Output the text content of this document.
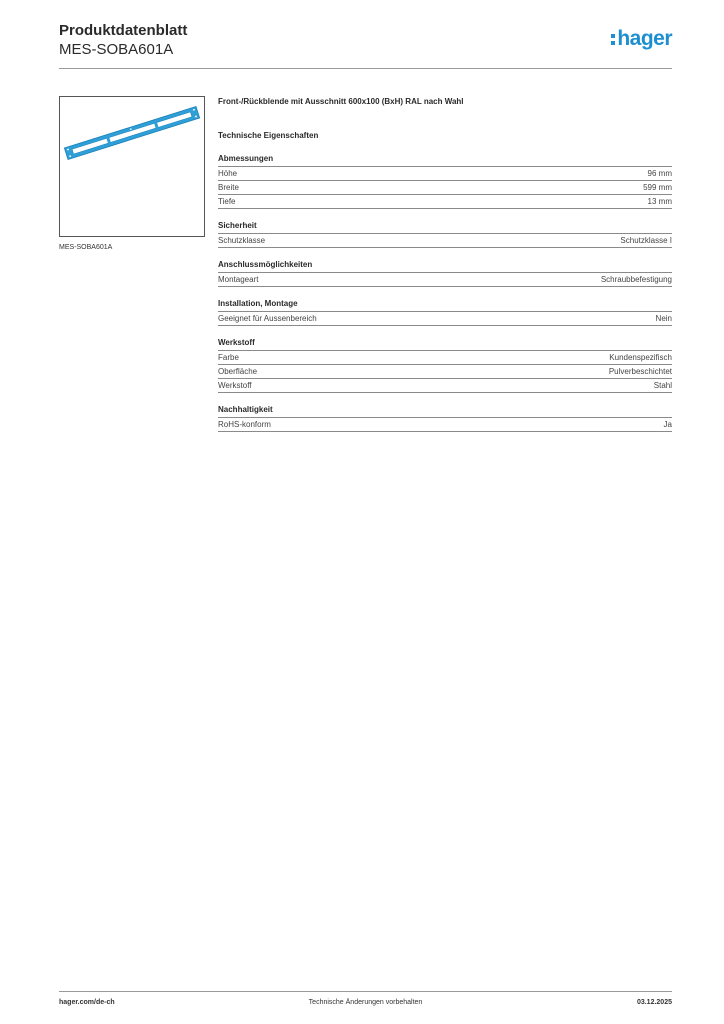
Produktdatenblatt
MES-SOBA601A	hager
MES-SOBA601A
Front-/Rückblende mit Ausschnitt 600x100 (BxH) RAL nach Wahl
Technische Eigenschaften
Abmessungen
Höhe	96 mm
Breite	599 mm
Tiefe	13 mm
Sicherheit
Schutzklasse	Schutzklasse I
Anschlussmöglichkeiten
Montageart	Schraubbefestigung
Installation, Montage
Geeignet für Aussenbereich	Nein
Werkstoff
Farbe	Kundenspezifisch
Oberfläche	Pulverbeschichtet
Werkstoff	Stahl
Nachhaltigkeit
RoHS-konform	Ja
hager.com/de-ch	Technische Änderungen vorbehalten	03.12.2025
